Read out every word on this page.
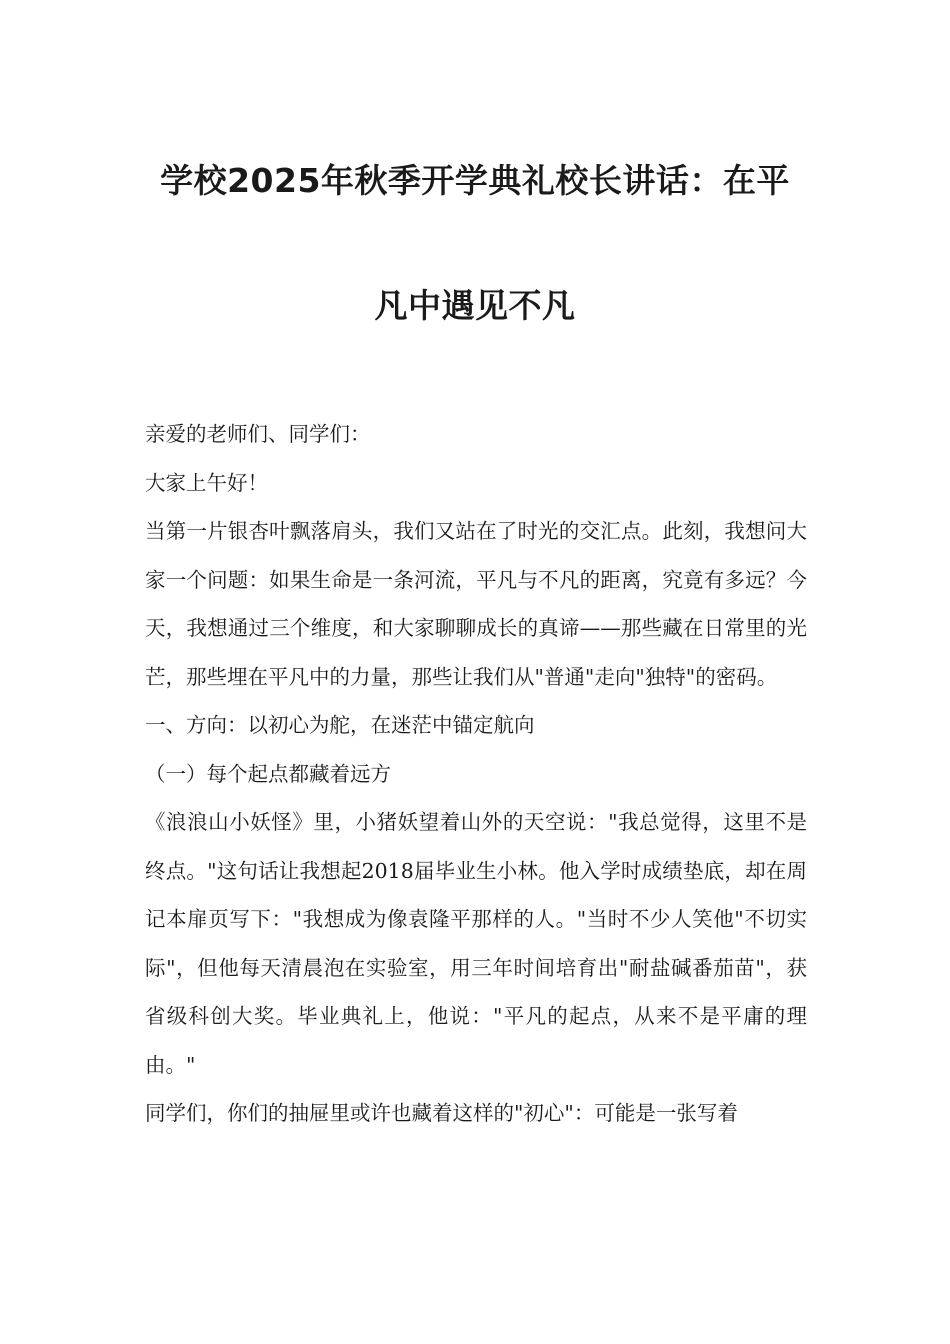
学校2025年秋季开学典礼校长讲话：在平
凡中遇见不凡

亲爱的老师们、同学们：

大家上午好！

当第一片银杏叶飘落肩头，我们又站在了时光的交汇点。此刻，我想问大家一个问题：如果生命是一条河流，平凡与不凡的距离，究竟有多远？今天，我想通过三个维度，和大家聊聊成长的真谛——那些藏在日常里的光芒，那些埋在平凡中的力量，那些让我们从"普通"走向"独特"的密码。

一、方向：以初心为舵，在迷茫中锚定航向

（一）每个起点都藏着远方

《浪浪山小妖怪》里，小猪妖望着山外的天空说："我总觉得，这里不是终点。"这句话让我想起2018届毕业生小林。他入学时成绩垫底，却在周记本扉页写下："我想成为像袁隆平那样的人。"当时不少人笑他"不切实际"，但他每天清晨泡在实验室，用三年时间培育出"耐盐碱番茄苗"，获省级科创大奖。毕业典礼上，他说："平凡的起点，从来不是平庸的理由。"

同学们，你们的抽屉里或许也藏着这样的"初心"：可能是一张写着
